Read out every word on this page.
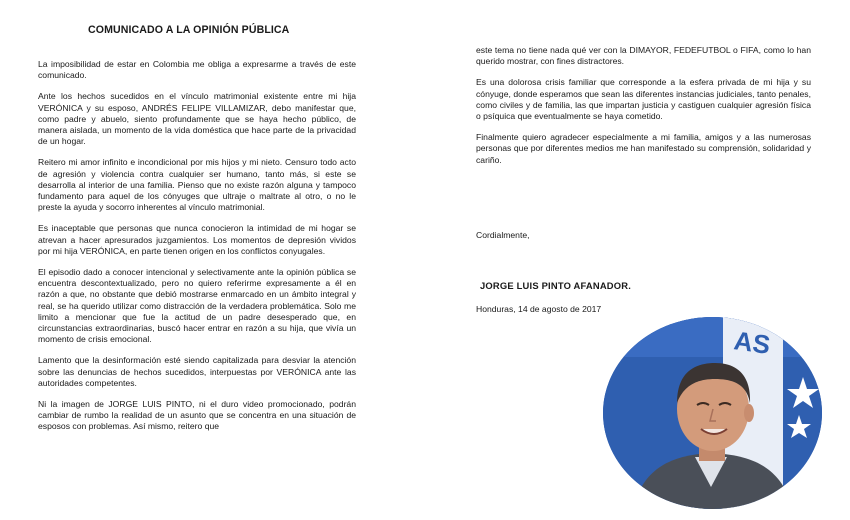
COMUNICADO A LA OPINIÓN PÚBLICA

La imposibilidad de estar en Colombia me obliga a expresarme a través de este comunicado.

Ante los hechos sucedidos en el vínculo matrimonial existente entre mi hija VERÓNICA y su esposo, ANDRÉS FELIPE VILLAMIZAR, debo manifestar que, como padre y abuelo, siento profundamente que se haya hecho público, de manera aislada, un momento de la vida doméstica que hace parte de la privacidad de un hogar.

Reitero mi amor infinito e incondicional por mis hijos y mi nieto. Censuro todo acto de agresión y violencia contra cualquier ser humano, tanto más, si este se desarrolla al interior de una familia. Pienso que no existe razón alguna y tampoco fundamento para aquel de los cónyuges que ultraje o maltrate al otro, o no le preste la ayuda y socorro inherentes al vínculo matrimonial.

Es inaceptable que personas que nunca conocieron la intimidad de mi hogar se atrevan a hacer apresurados juzgamientos. Los momentos de depresión vividos por mi hija VERÓNICA, en parte tienen origen en los conflictos conyugales.

El episodio dado a conocer intencional y selectivamente ante la opinión pública se encuentra descontextualizado, pero no quiero referirme expresamente a él en razón a que, no obstante que debió mostrarse enmarcado en un ámbito integral y real, se ha querido utilizar como distracción de la verdadera problemática. Solo me limito a mencionar que fue la actitud de un padre desesperado que, en circunstancias extraordinarias, buscó hacer entrar en razón a su hija, que vivía un momento de crisis emocional.

Lamento que la desinformación esté siendo capitalizada para desviar la atención sobre las denuncias de hechos sucedidos, interpuestas por VERÓNICA ante las autoridades competentes.

Ni la imagen de JORGE LUIS PINTO, ni el duro video promocionado, podrán cambiar de rumbo la realidad de un asunto que se concentra en una situación de esposos con problemas. Así mismo, reitero que

este tema no tiene nada qué ver con la DIMAYOR, FEDEFUTBOL o FIFA, como lo han querido mostrar, con fines distractores.

Es una dolorosa crisis familiar que corresponde a la esfera privada de mi hija y su cónyuge, donde esperamos que sean las diferentes instancias judiciales, tanto penales, como civiles y de familia, las que impartan justicia y castiguen cualquier agresión física o psíquica que eventualmente se haya cometido.

Finalmente quiero agradecer especialmente a mi familia, amigos y a las numerosas personas que por diferentes medios me han manifestado su comprensión, solidaridad y cariño.

Cordialmente,
JORGE LUIS PINTO AFANADOR.
Honduras, 14 de agosto de 2017
AS
